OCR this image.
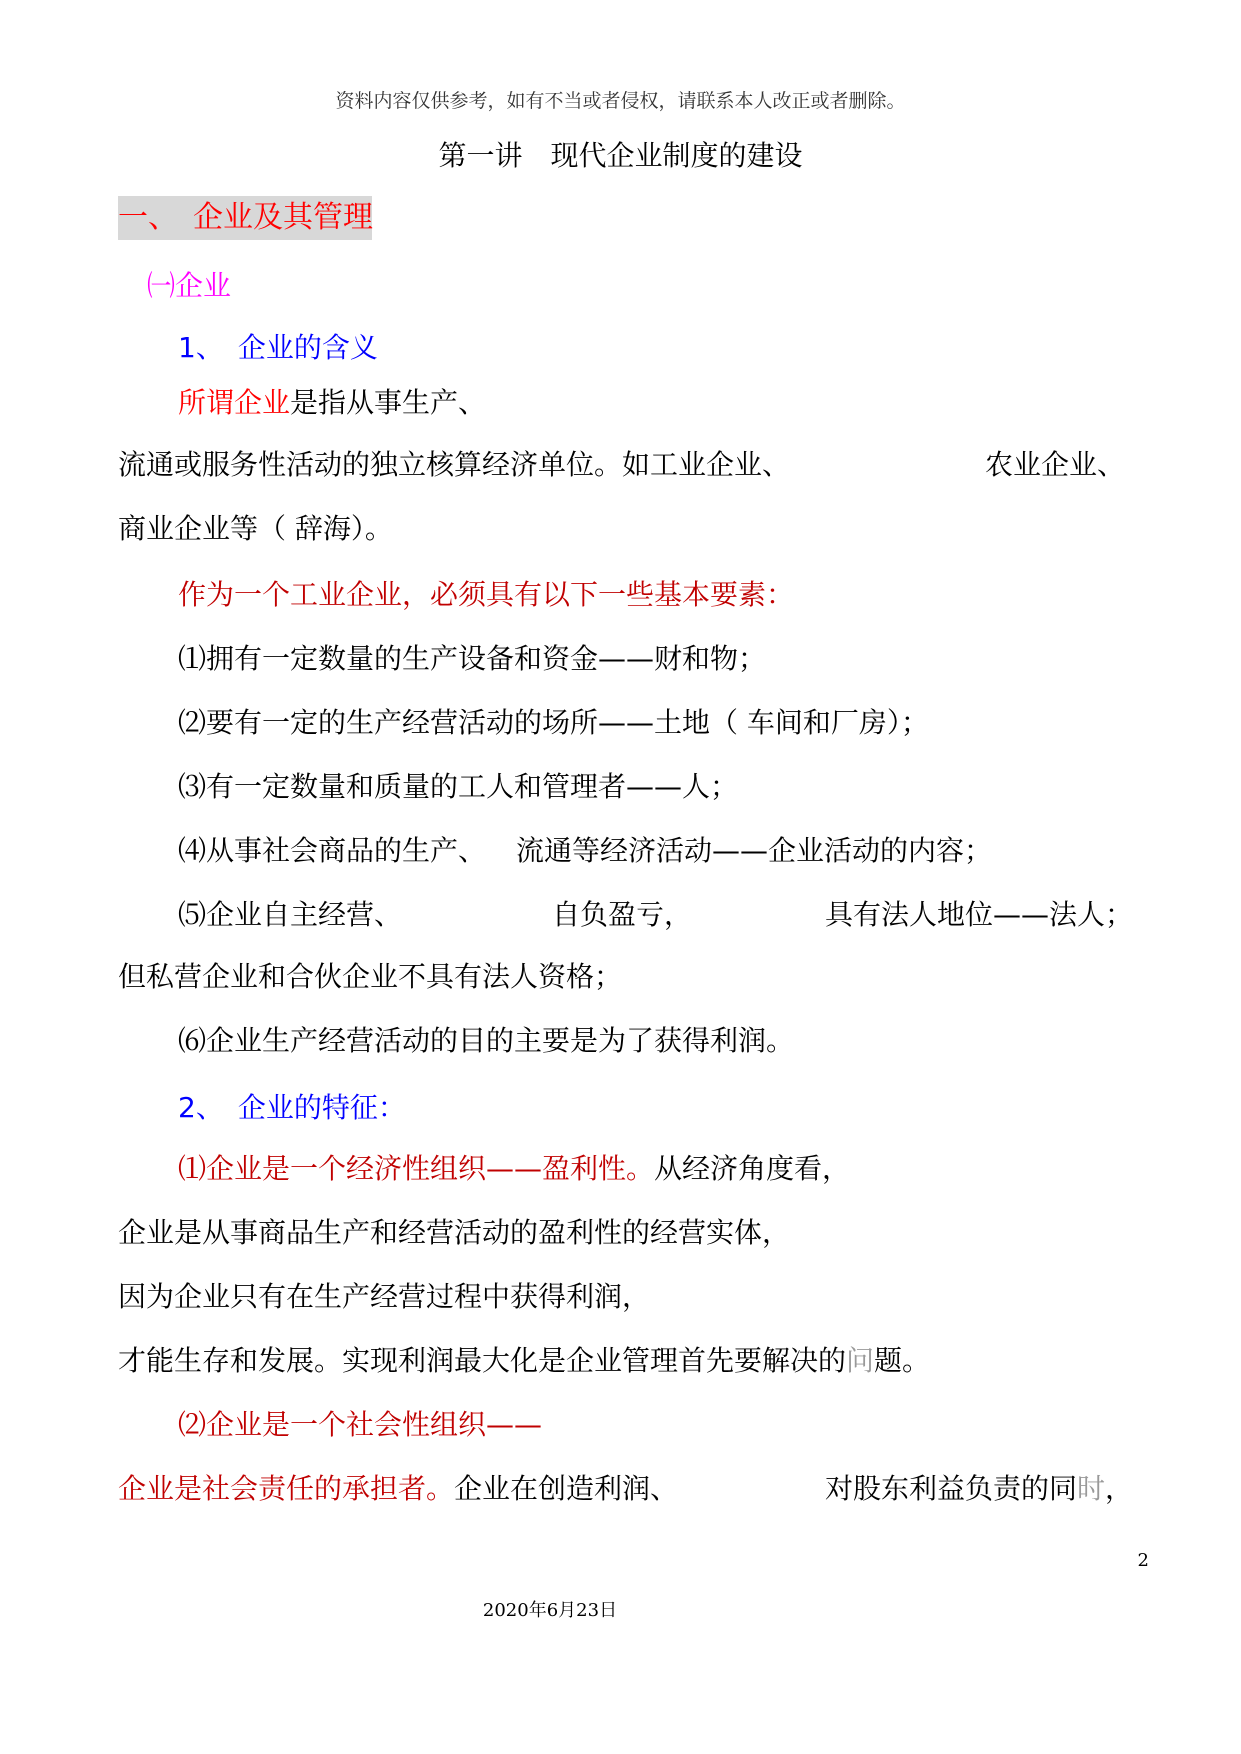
资料内容仅供参考，如有不当或者侵权，请联系本人改正或者删除。
第一讲　现代企业制度的建设
一、　企业及其管理
㈠企业
1、　企业的含义
所谓企业是指从事生产、
流通或服务性活动的独立核算经济单位。如工业企业、	农业企业、
商业企业等（ 辞海）。
作为一个工业企业，必须具有以下一些基本要素：
⑴拥有一定数量的生产设备和资金——财和物；
⑵要有一定的生产经营活动的场所——土地（ 车间和厂房）；
⑶有一定数量和质量的工人和管理者——人；
⑷从事社会商品的生产、 流通等经济活动——企业活动的内容；
⑸企业自主经营、	自负盈亏，	具有法人地位——法人；
但私营企业和合伙企业不具有法人资格；
⑹企业生产经营活动的目的主要是为了获得利润。
2、　企业的特征：
⑴企业是一个经济性组织——盈利性。从经济角度看，
企业是从事商品生产和经营活动的盈利性的经营实体，
因为企业只有在生产经营过程中获得利润，
才能生存和发展。实现利润最大化是企业管理首先要解决的问题。
⑵企业是一个社会性组织——
企业是社会责任的承担者。企业在创造利润、	对股东利益负责的同时，
2
2020年6月23日
